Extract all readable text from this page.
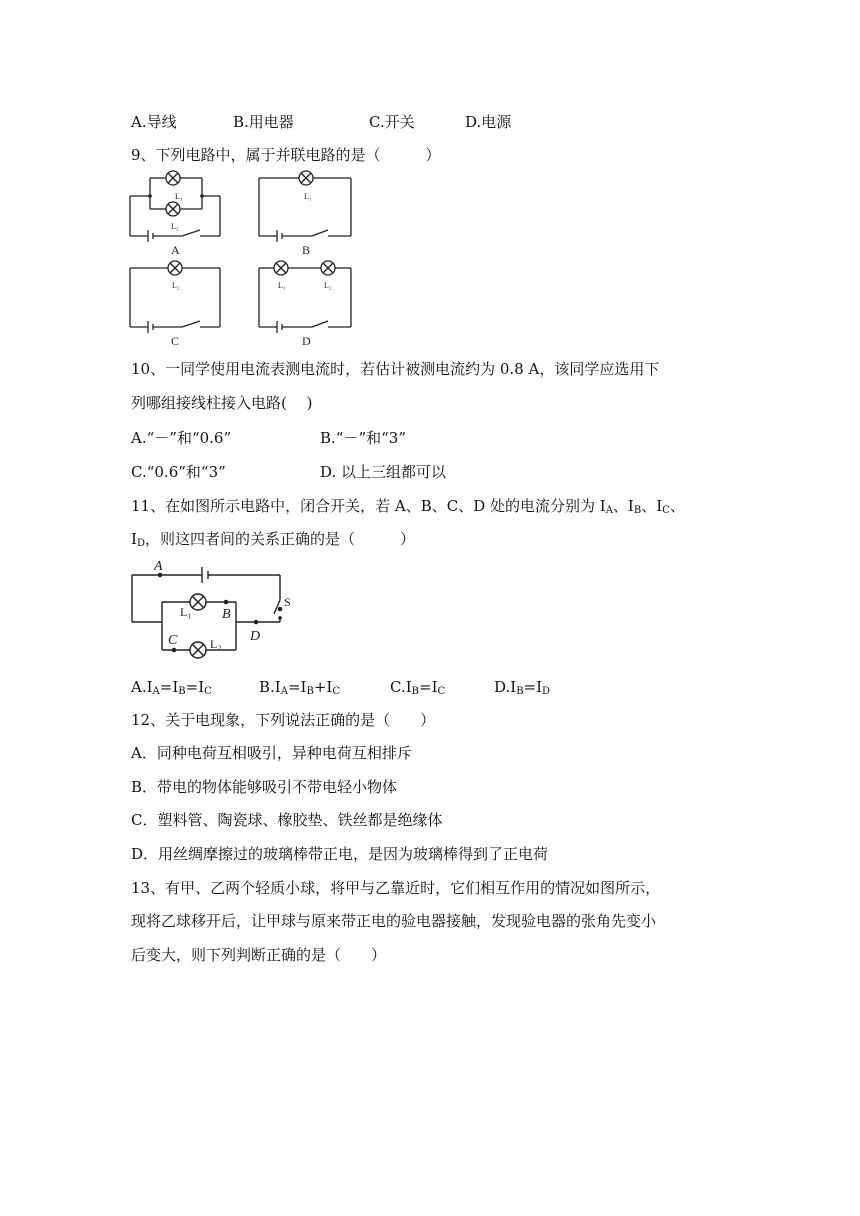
A.导线	B.用电器	C.开关	D.电源
9、下列电路中，属于并联电路的是（　　　）
L₁
L₂
L₁
L₂	L₁	L₂
A	B
C	D
10、一同学使用电流表测电流时，若估计被测电流约为 0.8 A，该同学应选用下
列哪组接线柱接入电路(　 )
A.“－”和“0.6”	B.“－”和“3”
C.“0.6”和“3”	D. 以上三组都可以
11、在如图所示电路中，闭合开关，若 A、B、C、D 处的电流分别为 $I_A$、$I_B$、$I_C$、
$I_D$，则这四者间的关系正确的是（　　　）
A
B
C	D
S
L₁
L₂
$A.I_A=I_B=I_C$	$B.I_A=I_B+I_C$	$C.I_B=I_C$	$D.I_B=I_D$
12、关于电现象，下列说法正确的是（　　）
A．同种电荷互相吸引，异种电荷互相排斥
B．带电的物体能够吸引不带电轻小物体
C．塑料管、陶瓷球、橡胶垫、铁丝都是绝缘体
D．用丝绸摩擦过的玻璃棒带正电，是因为玻璃棒得到了正电荷
13、有甲、乙两个轻质小球，将甲与乙靠近时，它们相互作用的情况如图所示，
现将乙球移开后，让甲球与原来带正电的验电器接触，发现验电器的张角先变小
后变大，则下列判断正确的是（　　）
